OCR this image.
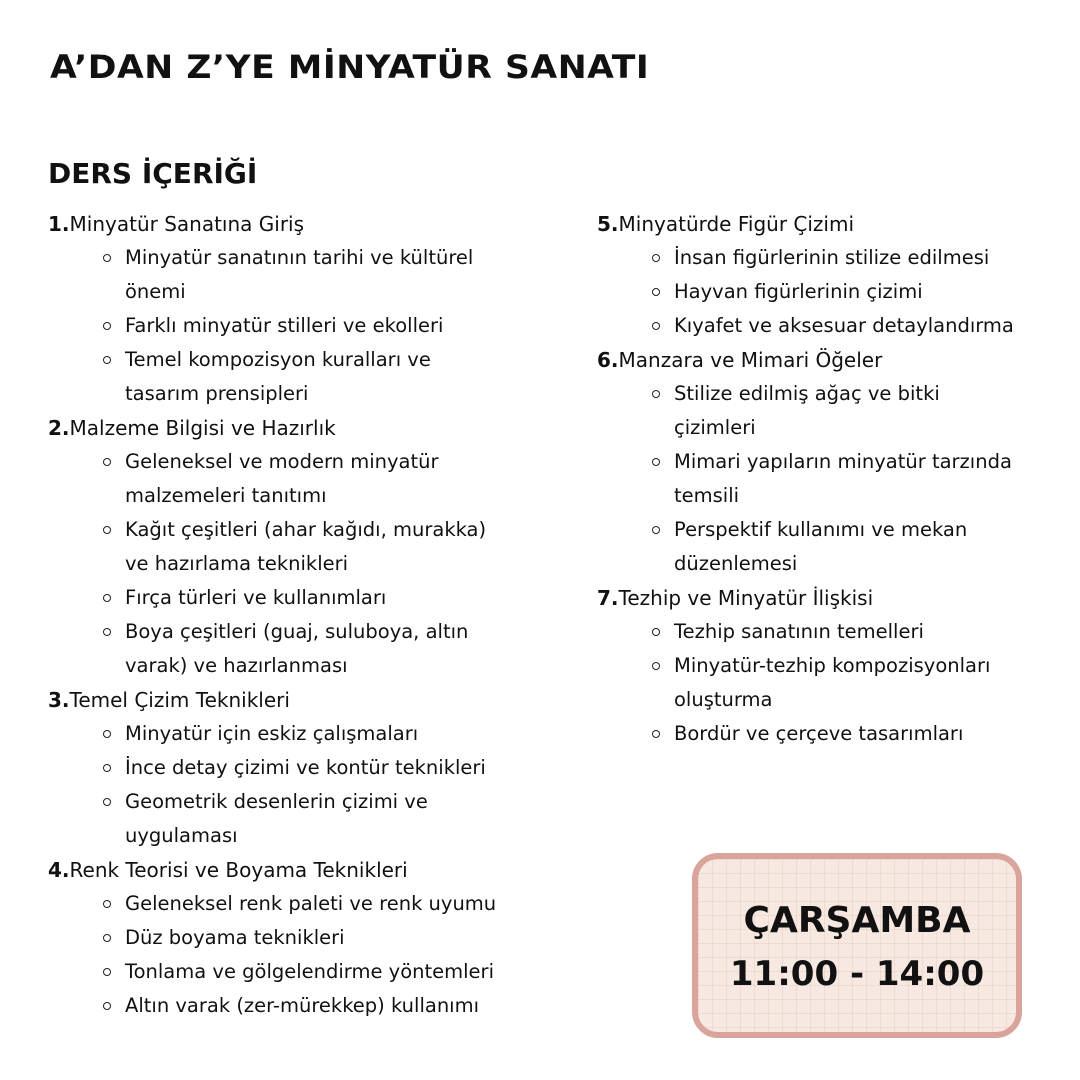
A’DAN Z’YE MİNYATÜR SANATI
DERS İÇERİĞİ
1.Minyatür Sanatına Giriş
Minyatür sanatının tarihi ve kültürel önemi
Farklı minyatür stilleri ve ekolleri
Temel kompozisyon kuralları ve tasarım prensipleri
2.Malzeme Bilgisi ve Hazırlık
Geleneksel ve modern minyatür malzemeleri tanıtımı
Kağıt çeşitleri (ahar kağıdı, murakka) ve hazırlama teknikleri
Fırça türleri ve kullanımları
Boya çeşitleri (guaj, suluboya, altın varak) ve hazırlanması
3.Temel Çizim Teknikleri
Minyatür için eskiz çalışmaları
İnce detay çizimi ve kontür teknikleri
Geometrik desenlerin çizimi ve uygulaması
4.Renk Teorisi ve Boyama Teknikleri
Geleneksel renk paleti ve renk uyumu
Düz boyama teknikleri
Tonlama ve gölgelendirme yöntemleri
Altın varak (zer-mürekkep) kullanımı
5.Minyatürde Figür Çizimi
İnsan figürlerinin stilize edilmesi
Hayvan figürlerinin çizimi
Kıyafet ve aksesuar detaylandırma
6.Manzara ve Mimari Öğeler
Stilize edilmiş ağaç ve bitki çizimleri
Mimari yapıların minyatür tarzında temsili
Perspektif kullanımı ve mekan düzenlemesi
7.Tezhip ve Minyatür İlişkisi
Tezhip sanatının temelleri
Minyatür-tezhip kompozisyonları oluşturma
Bordür ve çerçeve tasarımları
ÇARŞAMBA
11:00 - 14:00
